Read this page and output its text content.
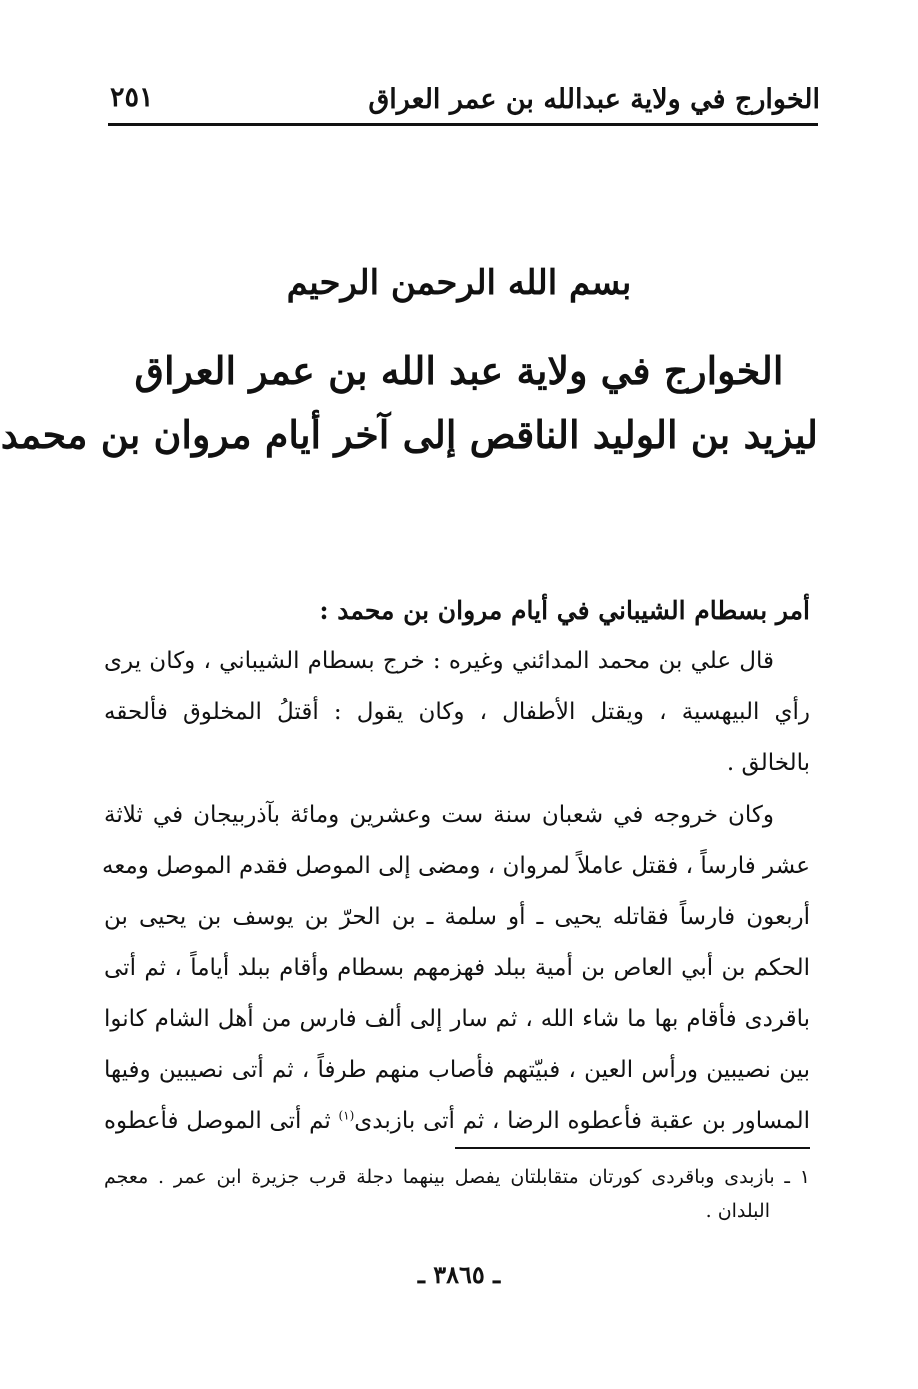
الخوارج في ولاية عبدالله بن عمر العراق
٢٥١
بسم الله الرحمن الرحيم
الخوارج في ولاية عبد الله بن عمر العراق
ليزيد بن الوليد الناقص إلى آخر أيام مروان بن محمد
أمر بسطام الشيباني في أيام مروان بن محمد :
قال علي بن محمد المدائني وغيره : خرج بسطام الشيباني ، وكان يرى
رأي البيهسية ، ويقتل الأطفال ، وكان يقول : أقتلُ المخلوق فألحقه
بالخالق .
وكان خروجه في شعبان سنة ست وعشرين ومائة بآذربيجان في ثلاثة
عشر فارساً ، فقتل عاملاً لمروان ، ومضى إلى الموصل فقدم الموصل ومعه
أربعون فارساً فقاتله يحيى ـ أو سلمة ـ بن الحرّ بن يوسف بن يحيى بن
الحكم بن أبي العاص بن أمية ببلد فهزمهم بسطام وأقام ببلد أياماً ، ثم أتى
باقردى فأقام بها ما شاء الله ، ثم سار إلى ألف فارس من أهل الشام كانوا
بين نصيبين ورأس العين ، فبيّتهم فأصاب منهم طرفاً ، ثم أتى نصيبين وفيها
المساور بن عقبة فأعطوه الرضا ، ثم أتى بازبدى$^{(١)}$ ثم أتى الموصل فأعطوه
١ ـ بازبدى وباقردى كورتان متقابلتان يفصل بينهما دجلة قرب جزيرة ابن عمر . معجم
البلدان .
ـ ٣٨٦٥ ـ
